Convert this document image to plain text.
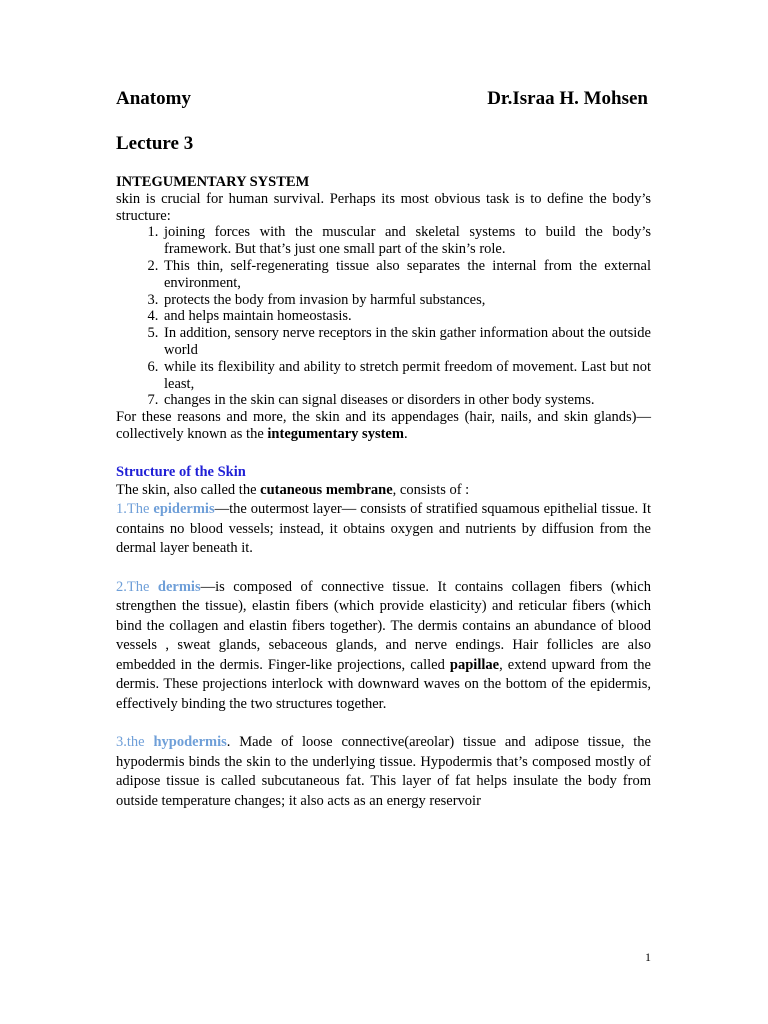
Anatomy	Dr.Israa H. Mohsen
Lecture 3
INTEGUMENTARY SYSTEM

skin is crucial for human survival. Perhaps its most obvious task is to define the body’s structure:

1. joining forces with the muscular and skeletal systems to build the body’s framework. But that’s just one small part of the skin’s role.
2. This thin, self-regenerating tissue also separates the internal from the external environment,
3. protects the body from invasion by harmful substances,
4. and helps maintain homeostasis.
5. In addition, sensory nerve receptors in the skin gather information about the outside world
6. while its flexibility and ability to stretch permit freedom of movement. Last but not least,
7. changes in the skin can signal diseases or disorders in other body systems.

For these reasons and more, the skin and its appendages (hair, nails, and skin glands)—collectively known as the integumentary system.

Structure of the Skin

The skin, also called the cutaneous membrane, consists of :

1.The epidermis—the outermost layer— consists of stratified squamous epithelial tissue. It contains no blood vessels; instead, it obtains oxygen and nutrients by diffusion from the dermal layer beneath it.

2.The dermis—is composed of connective tissue. It contains collagen fibers (which strengthen the tissue), elastin fibers (which provide elasticity) and reticular fibers (which bind the collagen and elastin fibers together). The dermis contains an abundance of blood vessels , sweat glands, sebaceous glands, and nerve endings. Hair follicles are also embedded in the dermis. Finger-like projections, called papillae, extend upward from the dermis. These projections interlock with downward waves on the bottom of the epidermis, effectively binding the two structures together.

3.the hypodermis. Made of loose connective(areolar) tissue and adipose tissue, the hypodermis binds the skin to the underlying tissue. Hypodermis that’s composed mostly of adipose tissue is called subcutaneous fat. This layer of fat helps insulate the body from outside temperature changes; it also acts as an energy reservoir

1
